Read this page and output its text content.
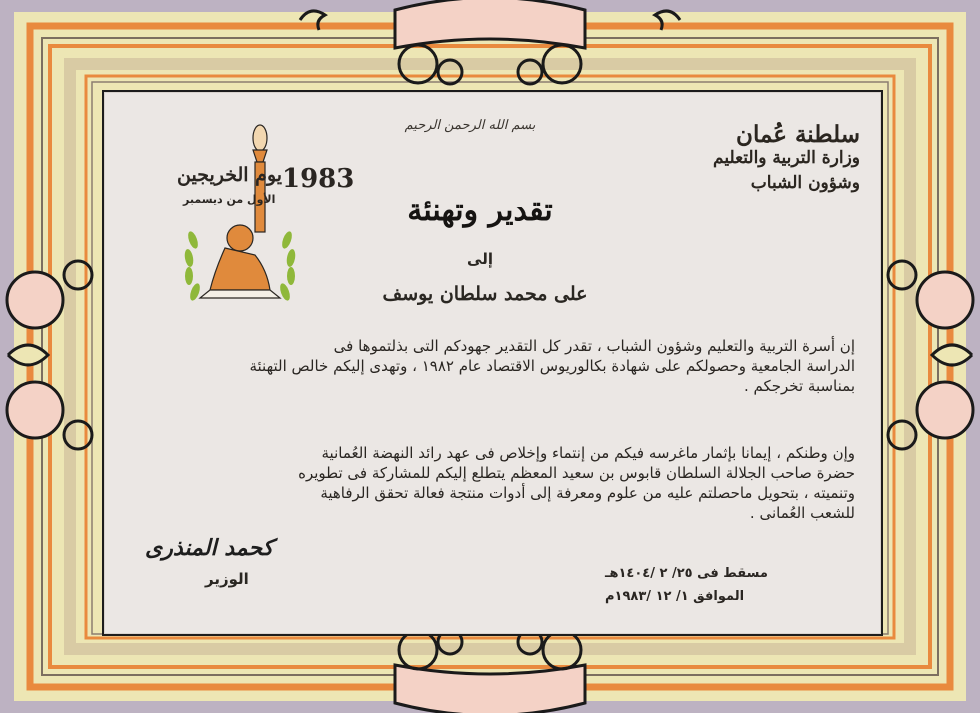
بسم الله الرحمن الرحيم	سلطنة عُمان
وزارة التربية والتعليم
وشؤون الشباب
1983
يوم الخريجين
الأول من ديسمبر	تقدير وتهنئة
إلى
على محمد سلطان يوسف
إن أسرة التربية والتعليم وشؤون الشباب ، تقدر كل التقدير جهودكم التى بذلتموها فى
الدراسة الجامعية وحصولكم على شهادة بكالوريوس الاقتصاد عام ١٩٨٢ ، وتهدى إليكم خالص التهنئة
بمناسبة تخرجكم .
وإن وطنكم ، إيمانا بإثمار ماغرسه فيكم من إنتماء وإخلاص فى عهد رائد النهضة العُمانية
حضرة صاحب الجلالة السلطان قابوس بن سعيد المعظم يتطلع إليكم للمشاركة فى تطويره
وتنميته ، بتحويل ماحصلتم عليه من علوم ومعرفة إلى أدوات منتجة فعالة تحقق الرفاهية
للشعب العُمانى .
كحمد المنذرى
الوزير	مسقط فى ٢٥/ ٢ /١٤٠٤هـ
الموافق ١/ ١٢ /١٩٨٣م
